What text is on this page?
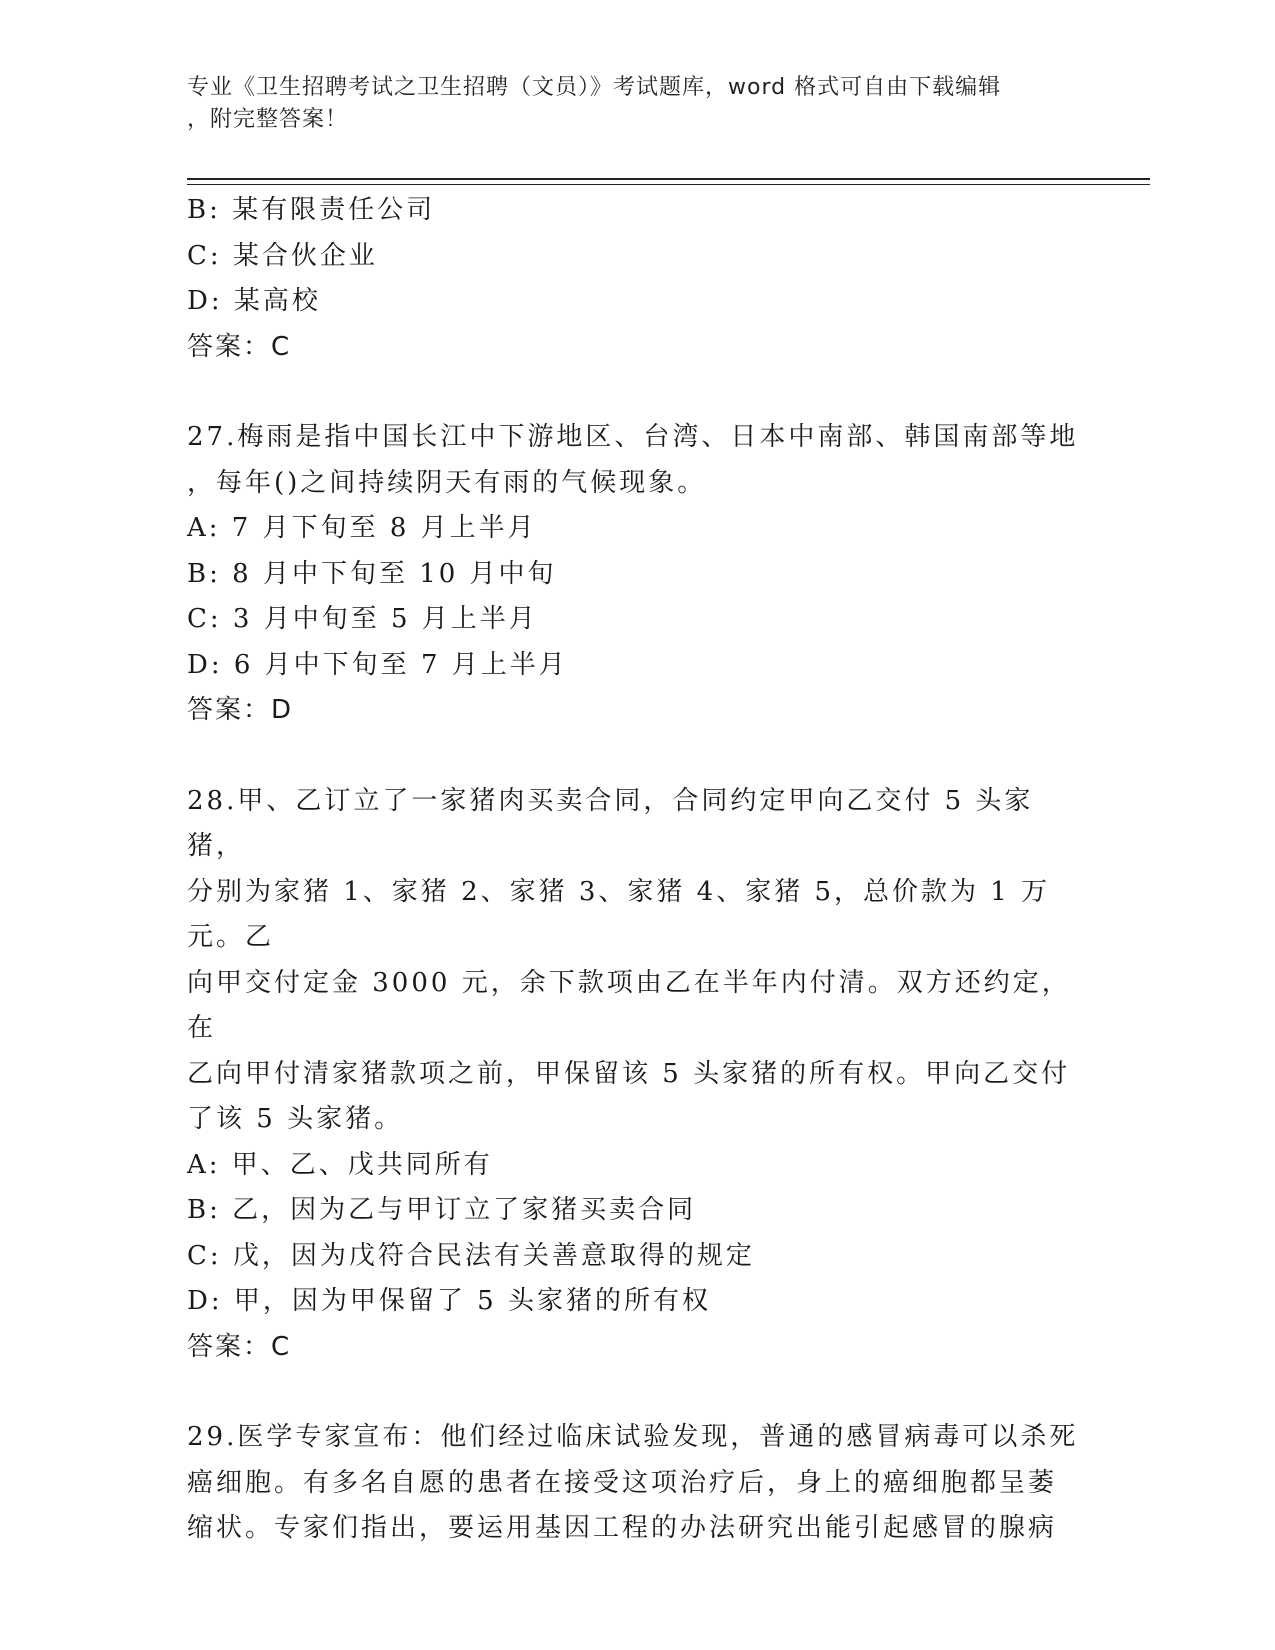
专业《卫生招聘考试之卫生招聘（文员）》考试题库，word 格式可自由下载编辑
，附完整答案！
B: 某有限责任公司
C: 某合伙企业
D: 某高校
答案：C
27.梅雨是指中国长江中下游地区、台湾、日本中南部、韩国南部等地
，每年()之间持续阴天有雨的气候现象。
A: 7 月下旬至 8 月上半月
B: 8 月中下旬至 10 月中旬
C: 3 月中旬至 5 月上半月
D: 6 月中下旬至 7 月上半月
答案：D
28.甲、乙订立了一家猪肉买卖合同，合同约定甲向乙交付 5 头家猪，
分别为家猪 1、家猪 2、家猪 3、家猪 4、家猪 5，总价款为 1 万元。乙
向甲交付定金 3000 元，余下款项由乙在半年内付清。双方还约定，在
乙向甲付清家猪款项之前，甲保留该 5 头家猪的所有权。甲向乙交付
了该 5 头家猪。
A: 甲、乙、戊共同所有
B: 乙，因为乙与甲订立了家猪买卖合同
C: 戊，因为戊符合民法有关善意取得的规定
D: 甲，因为甲保留了 5 头家猪的所有权
答案：C
29.医学专家宣布：他们经过临床试验发现，普通的感冒病毒可以杀死
癌细胞。有多名自愿的患者在接受这项治疗后，身上的癌细胞都呈萎
缩状。专家们指出，要运用基因工程的办法研究出能引起感冒的腺病
